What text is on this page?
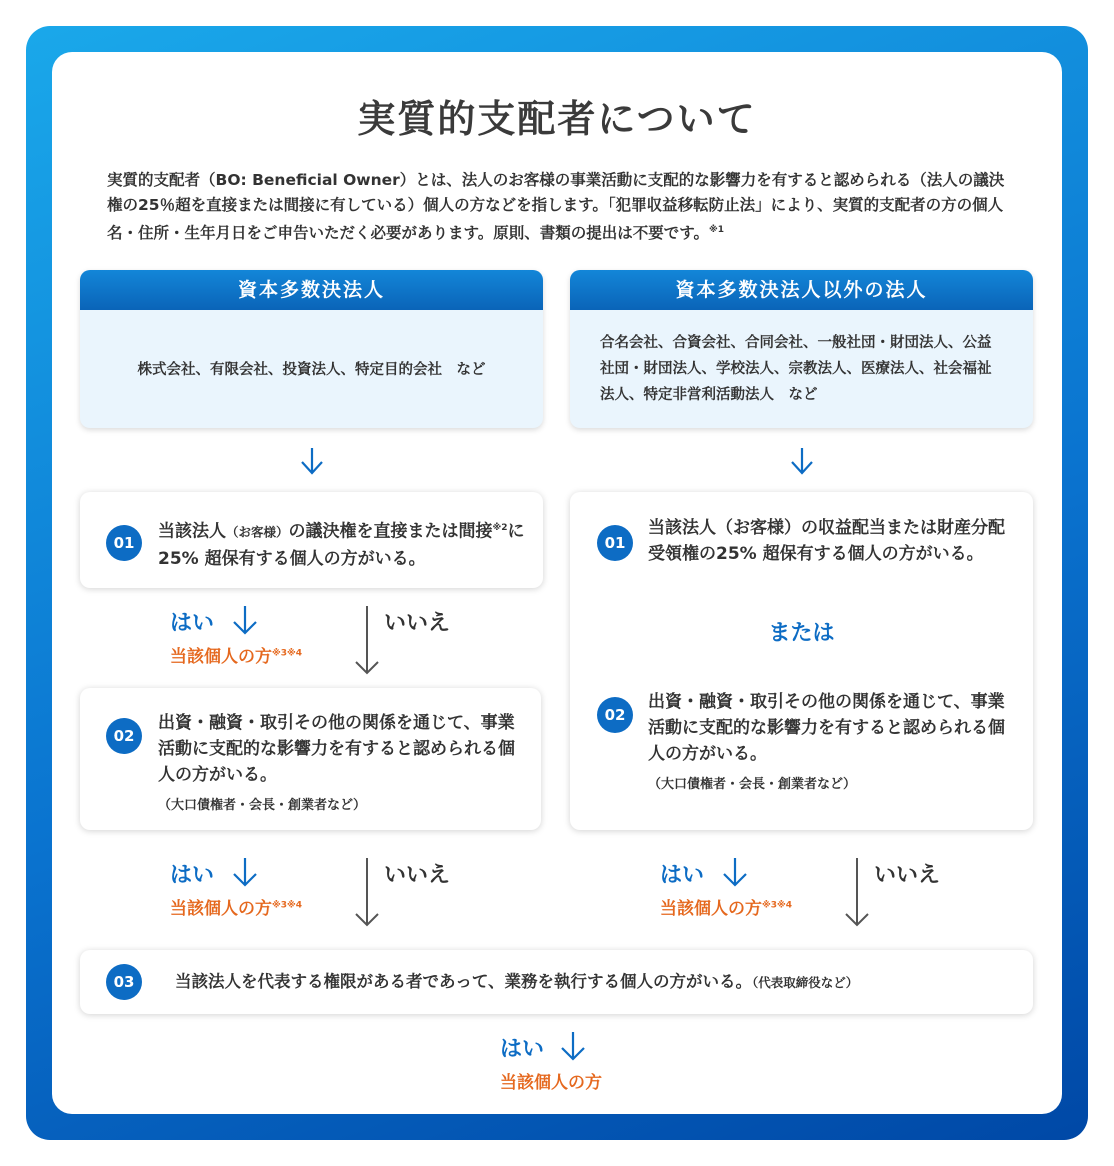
実質的支配者について
実質的支配者（BO: Beneficial Owner）とは、法人のお客様の事業活動に支配的な影響力を有すると認められる（法人の議決権の25％超を直接または間接に有している）個人の方などを指します。「犯罪収益移転防止法」により、実質的支配者の方の個人名・住所・生年月日をご申告いただく必要があります。原則、書類の提出は不要です。$^{※1}$
資本多数決法人
株式会社、有限会社、投資法人、特定目的会社　など
資本多数決法人以外の法人
合名会社、合資会社、合同会社、一般社団・財団法人、公益社団・財団法人、学校法人、宗教法人、医療法人、社会福祉法人、特定非営利活動法人　など
01
当該法人（お客様）の議決権を直接または間接$^{※2}$に25% 超保有する個人の方がいる。
はい
当該個人の方$^{※3※4}$
いいえ
02
出資・融資・取引その他の関係を通じて、事業活動に支配的な影響力を有すると認められる個人の方がいる。
（大口債権者・会長・創業者など）
01
当該法人（お客様）の収益配当または財産分配受領権の25% 超保有する個人の方がいる。
または
02
出資・融資・取引その他の関係を通じて、事業活動に支配的な影響力を有すると認められる個人の方がいる。
（大口債権者・会長・創業者など）
はい
当該個人の方$^{※3※4}$
いいえ	はい
当該個人の方$^{※3※4}$
いいえ
03	当該法人を代表する権限がある者であって、業務を執行する個人の方がいる。（代表取締役など）
はい
当該個人の方
